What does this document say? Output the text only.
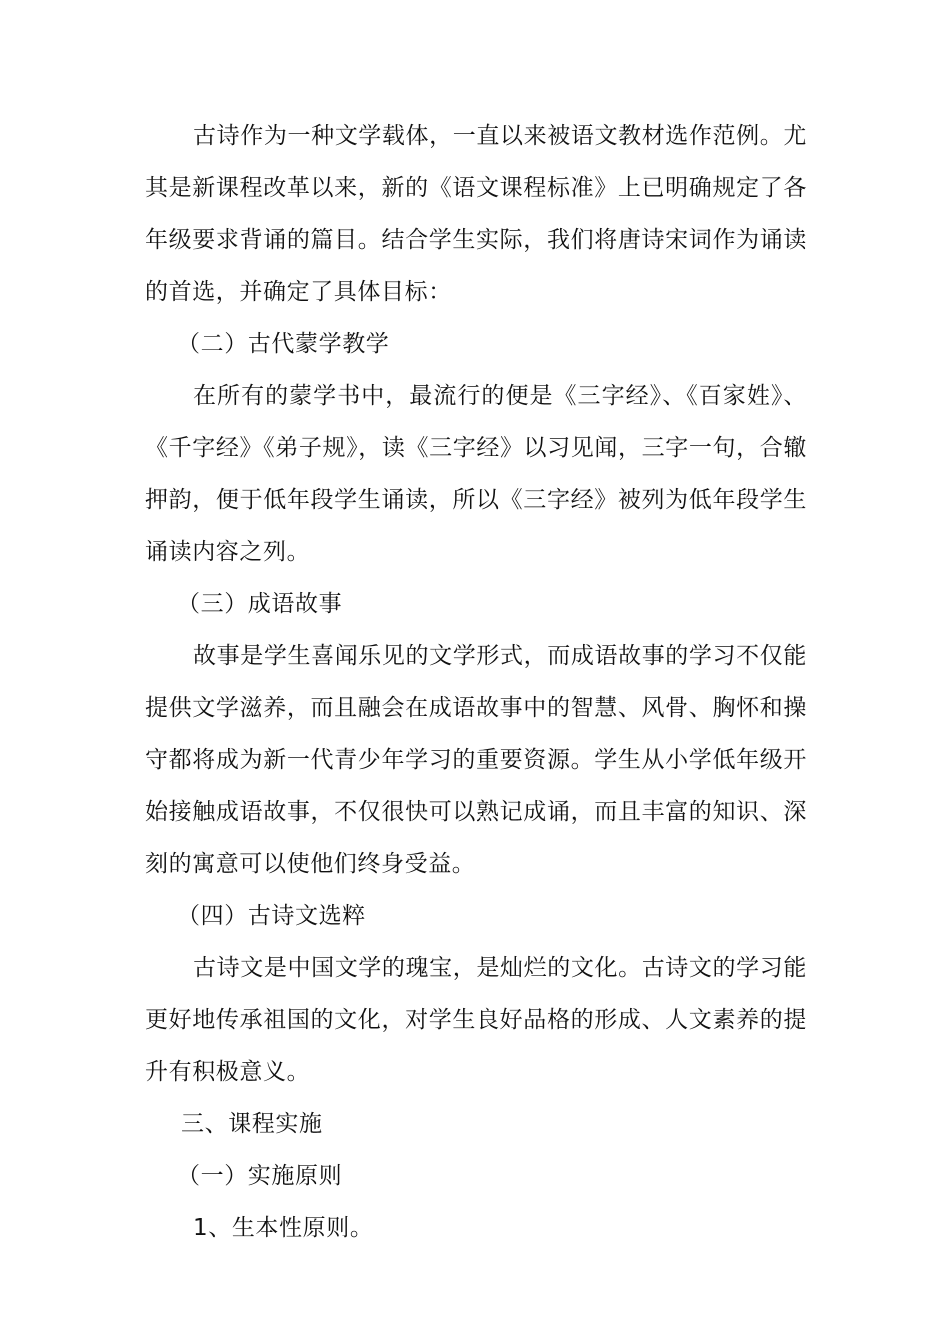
古诗作为一种文学载体，一直以来被语文教材选作范例。尤其是新课程改革以来，新的《语文课程标准》上已明确规定了各年级要求背诵的篇目。结合学生实际，我们将唐诗宋词作为诵读的首选，并确定了具体目标：

（二）古代蒙学教学

在所有的蒙学书中，最流行的便是《三字经》、《百家姓》、《千字经》《弟子规》，读《三字经》以习见闻，三字一句，合辙押韵，便于低年段学生诵读，所以《三字经》被列为低年段学生诵读内容之列。

（三）成语故事

故事是学生喜闻乐见的文学形式，而成语故事的学习不仅能提供文学滋养，而且融会在成语故事中的智慧、风骨、胸怀和操守都将成为新一代青少年学习的重要资源。学生从小学低年级开始接触成语故事，不仅很快可以熟记成诵，而且丰富的知识、深刻的寓意可以使他们终身受益。

（四）古诗文选粹

古诗文是中国文学的瑰宝，是灿烂的文化。古诗文的学习能更好地传承祖国的文化，对学生良好品格的形成、人文素养的提升有积极意义。

三、课程实施

（一）实施原则

1、生本性原则。
